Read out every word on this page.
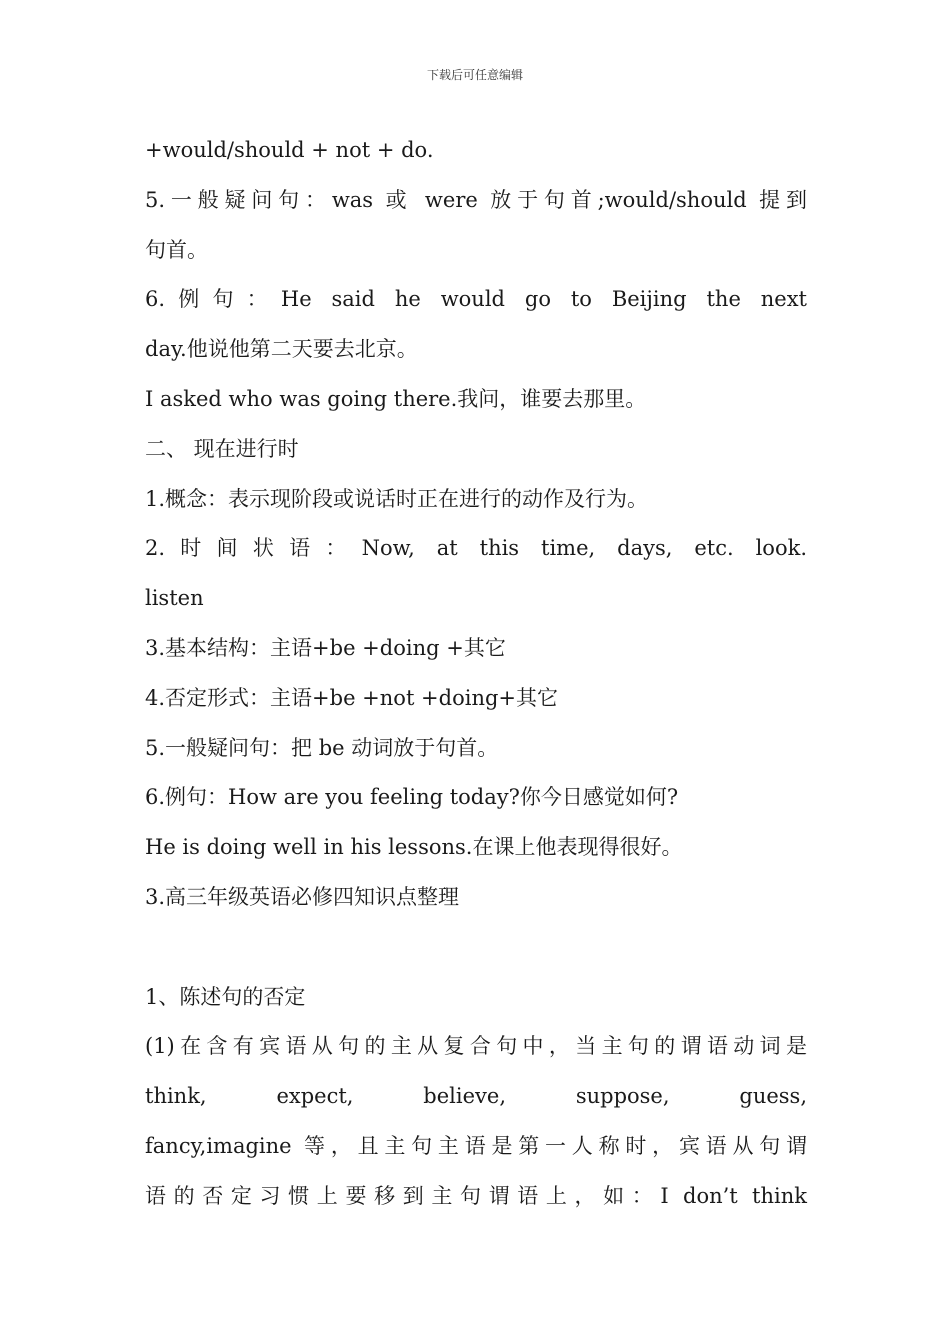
下载后可任意编辑
+would/should + not + do.
5.一般疑问句：was 或 were 放于句首;would/should 提到
句首。
6.例句：He said he would go to Beijing the next
day.他说他第二天要去北京。
I asked who was going there.我问，谁要去那里。
二、 现在进行时
1.概念：表示现阶段或说话时正在进行的动作及行为。
2.时间状语：Now, at this time, days, etc. look.
listen
3.基本结构：主语+be +doing +其它
4.否定形式：主语+be +not +doing+其它
5.一般疑问句：把 be 动词放于句首。
6.例句：How are you feeling today?你今日感觉如何?
He is doing well in his lessons.在课上他表现得很好。
3.高三年级英语必修四知识点整理
1、陈述句的否定
(1)在含有宾语从句的主从复合句中，当主句的谓语动词是
think, expect, believe, suppose, guess,
fancy,imagine 等，且主句主语是第一人称时，宾语从句谓
语的否定习惯上要移到主句谓语上，如：I don’t think
